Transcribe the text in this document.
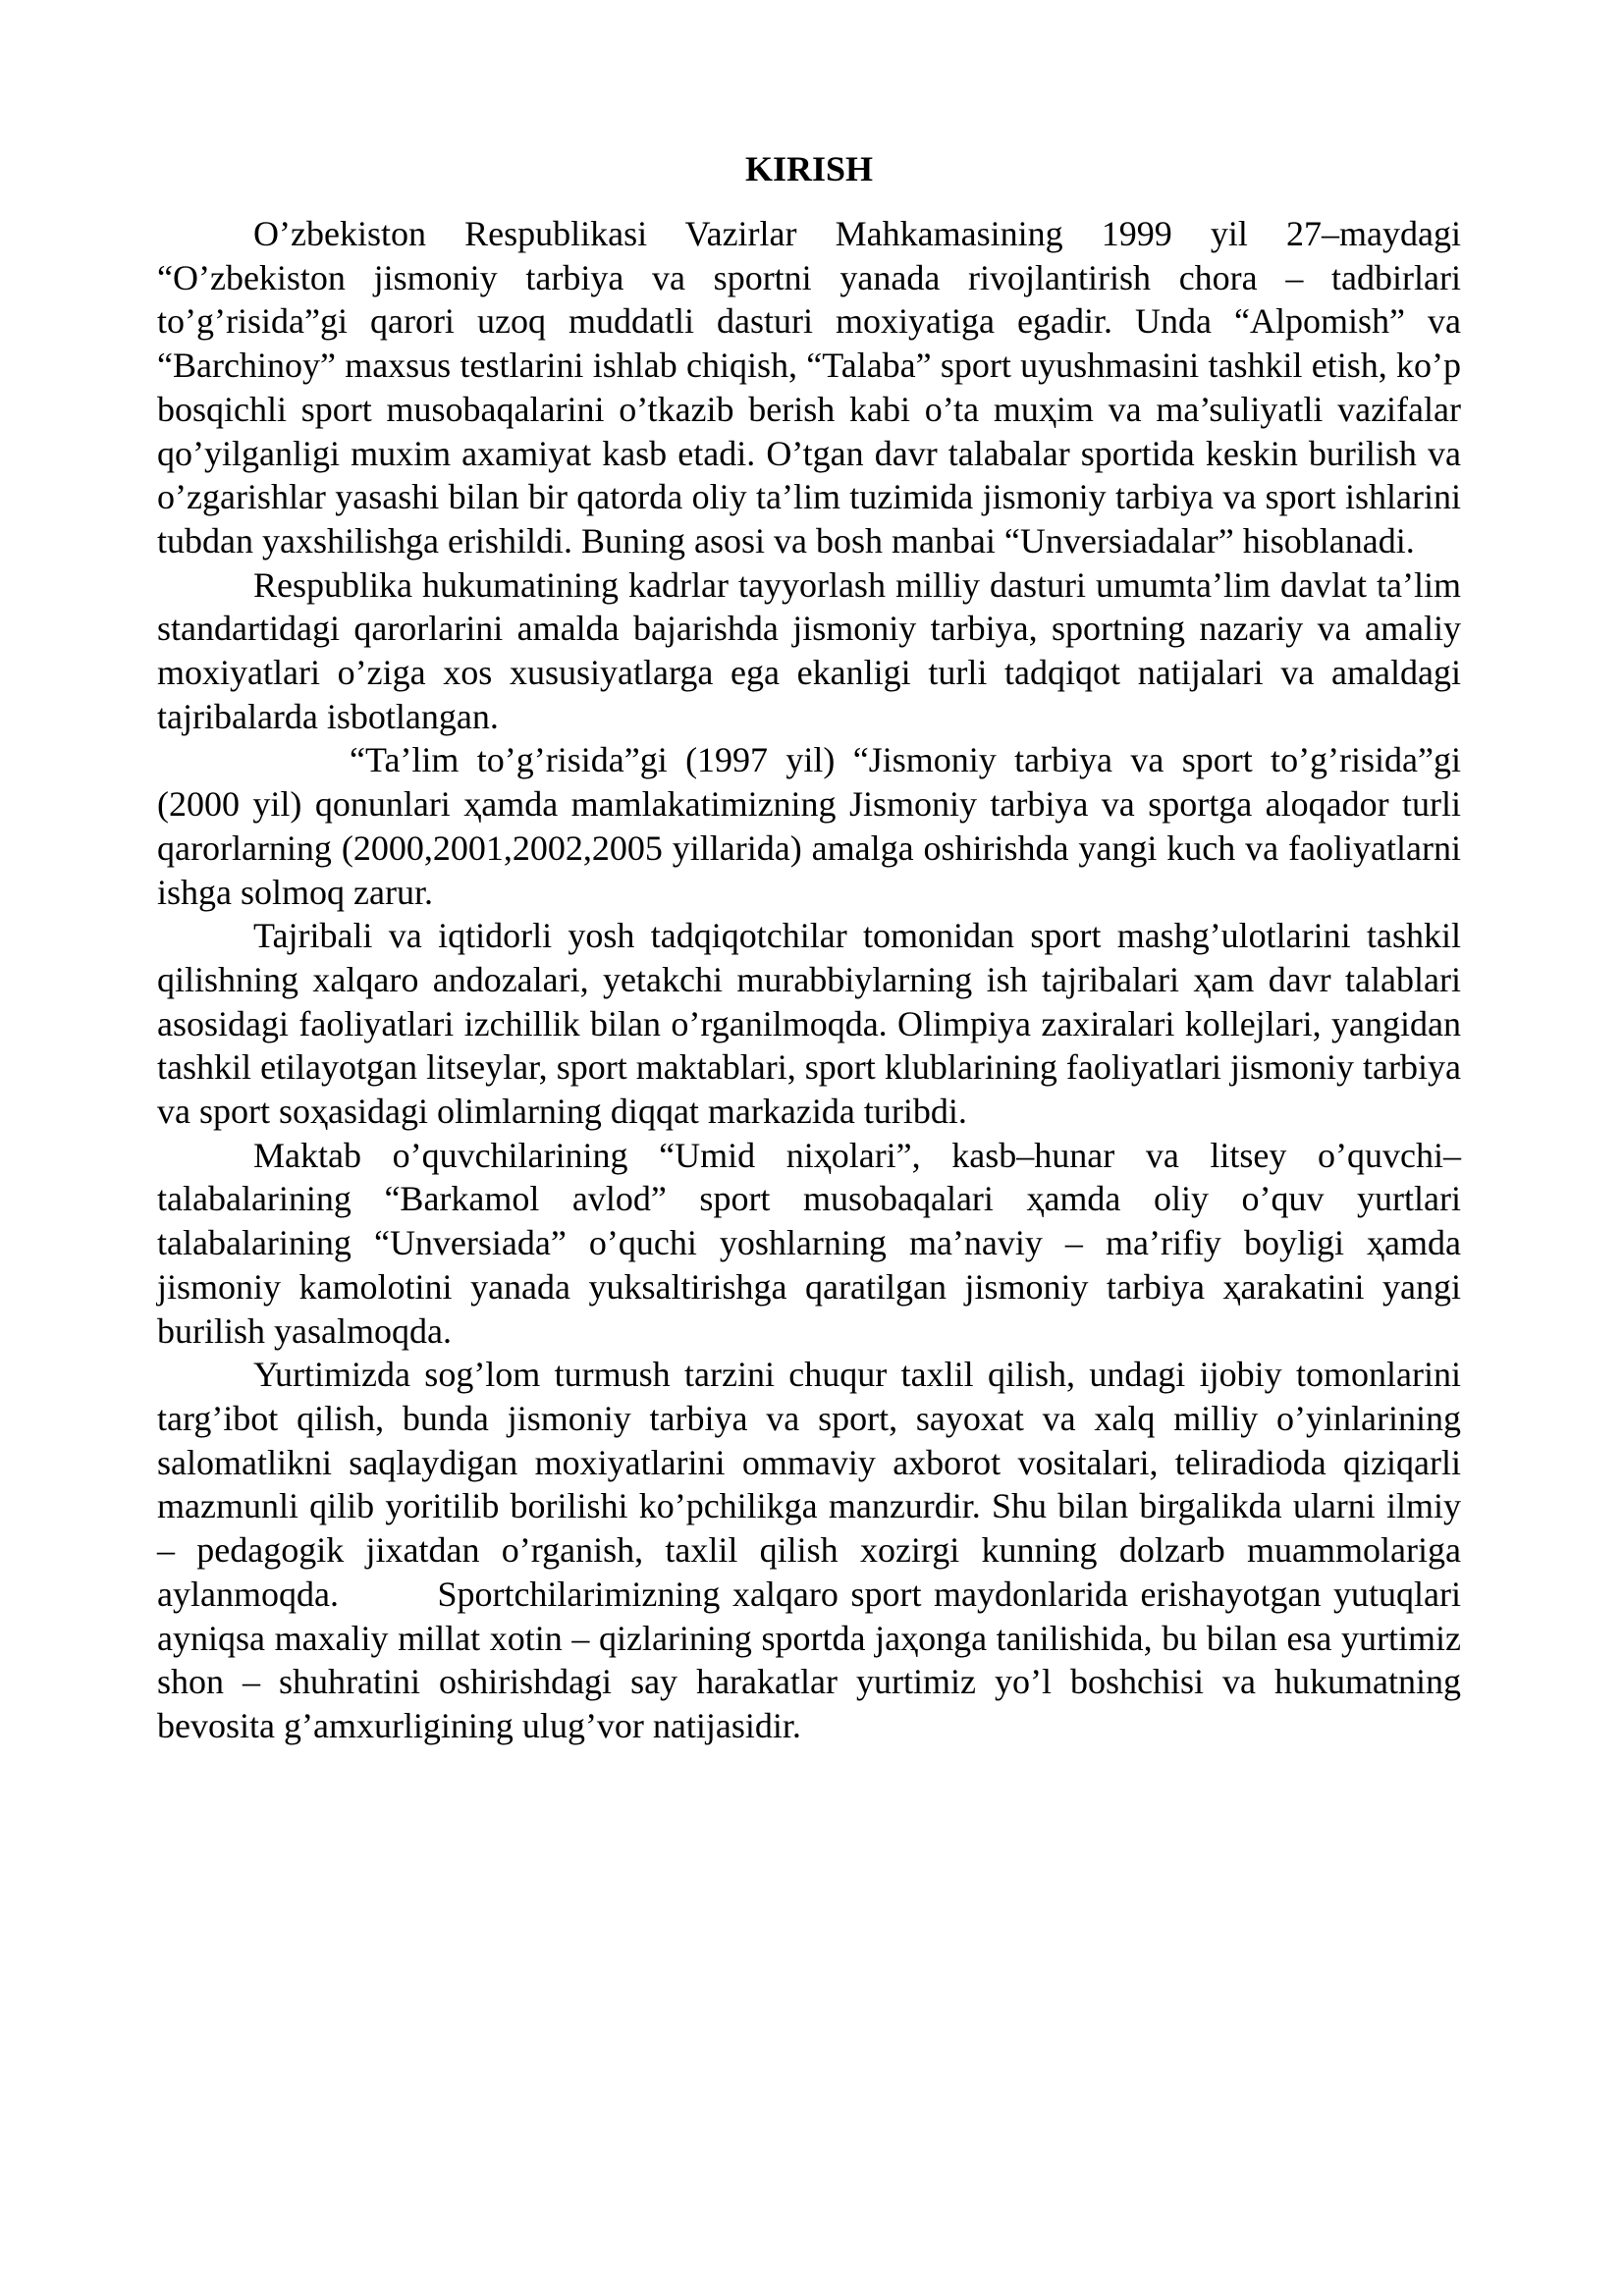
KIRISH

O’zbekiston Respublikasi Vazirlar Mahkamasining 1999 yil 27–maydagi “O’zbekiston jismoniy tarbiya va sportni yanada rivojlantirish chora – tadbirlari to’g’risida”gi qarori uzoq muddatli dasturi moxiyatiga egadir. Unda “Alpomish” va “Barchinoy” maxsus testlarini ishlab chiqish, “Talaba” sport uyushmasini tashkil etish, ko’p bosqichli sport musobaqalarini o’tkazib berish kabi o’ta muҳim va ma’suliyatli vazifalar qo’yilganligi muxim axamiyat kasb etadi. O’tgan davr talabalar sportida keskin burilish va o’zgarishlar yasashi bilan bir qatorda oliy ta’lim tuzimida jismoniy tarbiya va sport ishlarini tubdan yaxshilishga erishildi. Buning asosi va bosh manbai “Unversiadalar” hisoblanadi.

Respublika hukumatining kadrlar tayyorlash milliy dasturi umumta’lim davlat ta’lim standartidagi qarorlarini amalda bajarishda jismoniy tarbiya, sportning nazariy va amaliy moxiyatlari o’ziga xos xususiyatlarga ega ekanligi turli tadqiqot natijalari va amaldagi tajribalarda isbotlangan.

“Ta’lim to’g’risida”gi (1997 yil) “Jismoniy tarbiya va sport to’g’risida”gi (2000 yil) qonunlari ҳamda mamlakatimizning Jismoniy tarbiya va sportga aloqador turli qarorlarning (2000,2001,2002,2005 yillarida) amalga oshirishda yangi kuch va faoliyatlarni ishga solmoq zarur.

Tajribali va iqtidorli yosh tadqiqotchilar tomonidan sport mashg’ulotlarini tashkil qilishning xalqaro andozalari, yetakchi murabbiylarning ish tajribalari ҳam davr talablari asosidagi faoliyatlari izchillik bilan o’rganilmoqda. Olimpiya zaxiralari kollejlari, yangidan tashkil etilayotgan litseylar, sport maktablari, sport klublarining faoliyatlari jismoniy tarbiya va sport soҳasidagi olimlarning diqqat markazida turibdi.

Maktab o’quvchilarining “Umid niҳolari”, kasb–hunar va litsey o’quvchi–talabalarining “Barkamol avlod” sport musobaqalari ҳamda oliy o’quv yurtlari talabalarining “Unversiada” o’quchi yoshlarning ma’naviy – ma’rifiy boyligi ҳamda jismoniy kamolotini yanada yuksaltirishga qaratilgan jismoniy tarbiya ҳarakatini yangi burilish yasalmoqda.

Yurtimizda sog’lom turmush tarzini chuqur taxlil qilish, undagi ijobiy tomonlarini targ’ibot qilish, bunda jismoniy tarbiya va sport, sayoxat va xalq milliy o’yinlarining salomatlikni saqlaydigan moxiyatlarini ommaviy axborot vositalari, teliradioda qiziqarli mazmunli qilib yoritilib borilishi ko’pchilikga manzurdir. Shu bilan birgalikda ularni ilmiy – pedagogik jixatdan o’rganish, taxlil qilish xozirgi kunning dolzarb muammolariga aylanmoqda.        Sportchilarimizning xalqaro sport maydonlarida erishayotgan yutuqlari ayniqsa maxaliy millat xotin – qizlarining sportda jaҳonga tanilishida, bu bilan esa yurtimiz shon – shuhratini oshirishdagi say harakatlar yurtimiz yo’l boshchisi va hukumatning bevosita g’amxurligining ulug’vor natijasidir.
